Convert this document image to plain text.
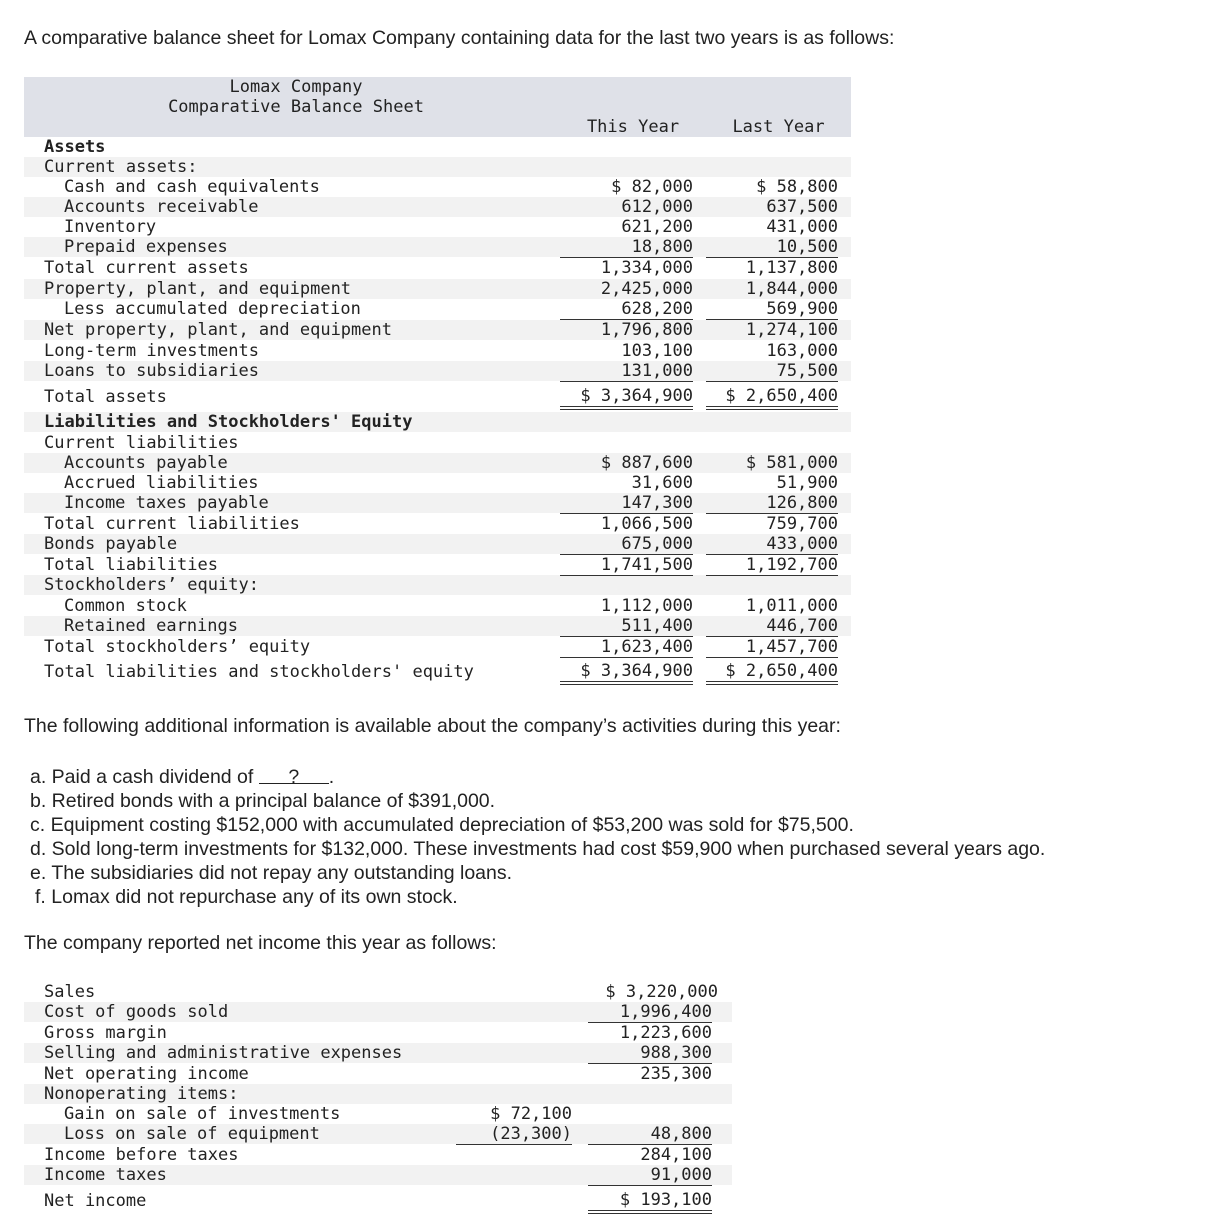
A comparative balance sheet for Lomax Company containing data for the last two years is as follows:
Lomax Company
Comparative Balance Sheet
This Year	Last Year
Assets
Current assets:
Cash and cash equivalents
Accounts receivable
Inventory
Prepaid expenses
Total current assets
Property, plant, and equipment
Less accumulated depreciation
Net property, plant, and equipment
Long-term investments
Loans to subsidiaries
Total assets
Liabilities and Stockholders' Equity
Current liabilities
Accounts payable
Accrued liabilities
Income taxes payable
Total current liabilities
Bonds payable
Total liabilities
Stockholders’ equity:
Common stock
Retained earnings
Total stockholders’ equity
Total liabilities and stockholders' equity
$ 82,000
612,000
621,200
18,800
1,334,000
2,425,000
628,200
1,796,800
103,100
131,000
$ 3,364,900
$ 887,600
31,600
147,300
1,066,500
675,000
1,741,500
1,112,000
511,400
1,623,400
$ 3,364,900
$ 58,800
637,500
431,000
10,500
1,137,800
1,844,000
569,900
1,274,100
163,000
75,500
$ 2,650,400
$ 581,000
51,900
126,800
759,700
433,000
1,192,700
1,011,000
446,700
1,457,700
$ 2,650,400
The following additional information is available about the company’s activities during this year:
a. Paid a cash dividend of ? .
b. Retired bonds with a principal balance of $391,000.
c. Equipment costing $152,000 with accumulated depreciation of $53,200 was sold for $75,500.
d. Sold long-term investments for $132,000. These investments had cost $59,900 when purchased several years ago.
e. The subsidiaries did not repay any outstanding loans.
f. Lomax did not repurchase any of its own stock.
The company reported net income this year as follows:
Sales
Cost of goods sold
Gross margin
Selling and administrative expenses
Net operating income
Nonoperating items:
Gain on sale of investments
Loss on sale of equipment
Income before taxes
Income taxes
Net income
$ 72,100
(23,300)
$ 3,220,000
1,996,400
1,223,600
988,300
235,300
48,800
284,100
91,000
$ 193,100
